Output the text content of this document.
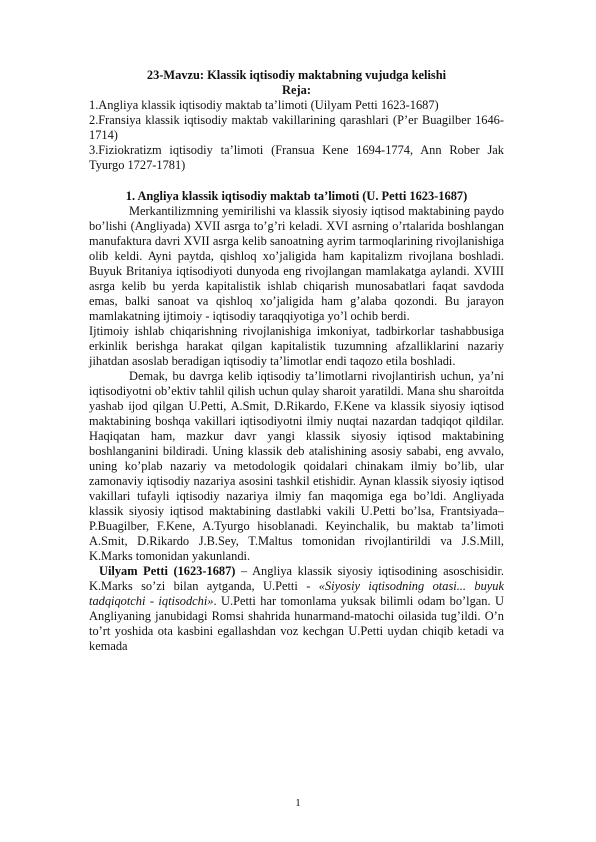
23-Mavzu: Klassik iqtisodiy maktabning vujudga kelishi
Reja:
1.Angliya klassik iqtisodiy maktab ta’limoti (Uilyam Petti 1623-1687)
2.Fransiya klassik iqtisodiy maktab vakillarining qarashlari (P’er Buagilber 1646-1714)
3.Fiziokratizm iqtisodiy ta’limoti (Fransua Kene 1694-1774, Ann Rober Jak Tyurgo 1727-1781)
1. Angliya klassik iqtisodiy maktab ta’limoti (U. Petti 1623-1687)

Merkantilizmning yemirilishi va klassik siyosiy iqtisod maktabining paydo bo’lishi (Angliyada) XVII asrga to’g’ri keladi. XVI asrning o’rtalarida boshlangan manufaktura davri XVII asrga kelib sanoatning ayrim tarmoqlarining rivojlanishiga olib keldi. Ayni paytda, qishloq xo’jaligida ham kapitalizm rivojlana boshladi. Buyuk Britaniya iqtisodiyoti dunyoda eng rivojlangan mamlakatga aylandi. XVIII asrga kelib bu yerda kapitalistik ishlab chiqarish munosabatlari faqat savdoda emas, balki sanoat va qishloq xo’jaligida ham g’alaba qozondi. Bu jarayon mamlakatning ijtimoiy - iqtisodiy taraqqiyotiga yo’l ochib berdi.

Ijtimoiy ishlab chiqarishning rivojlanishiga imkoniyat, tadbirkorlar tashabbusiga erkinlik berishga harakat qilgan kapitalistik tuzumning afzalliklarini nazariy jihatdan asoslab beradigan iqtisodiy ta’limotlar endi taqozo etila boshladi.

Demak, bu davrga kelib iqtisodiy ta’limotlarni rivojlantirish uchun, ya’ni iqtisodiyotni ob’ektiv tahlil qilish uchun qulay sharoit yaratildi. Mana shu sharoitda yashab ijod qilgan U.Petti, A.Smit, D.Rikardo, F.Kene va klassik siyosiy iqtisod maktabining boshqa vakillari iqtisodiyotni ilmiy nuqtai nazardan tadqiqot qildilar. Haqiqatan ham, mazkur davr yangi klassik siyosiy iqtisod maktabining boshlanganini bildiradi. Uning klassik deb atalishining asosiy sababi, eng avvalo, uning ko’plab nazariy va metodologik qoidalari chinakam ilmiy bo’lib, ular zamonaviy iqtisodiy nazariya asosini tashkil etishidir. Aynan klassik siyosiy iqtisod vakillari tufayli iqtisodiy nazariya ilmiy fan maqomiga ega bo’ldi. Angliyada klassik siyosiy iqtisod maktabining dastlabki vakili U.Petti bo’lsa, Frantsiyada–P.Buagilber, F.Kene, A.Tyurgo hisoblanadi. Keyinchalik, bu maktab ta’limoti A.Smit, D.Rikardo J.B.Sey, T.Maltus tomonidan rivojlantirildi va J.S.Mill, K.Marks tomonidan yakunlandi.

Uilyam Petti (1623-1687) – Angliya klassik siyosiy iqtisodining asoschisidir. K.Marks so’zi bilan aytganda, U.Petti - «Siyosiy iqtisodning otasi... buyuk tadqiqotchi - iqtisodchi». U.Petti har tomonlama yuksak bilimli odam bo’lgan. U Angliyaning janubidagi Romsi shahrida hunarmand-matochi oilasida tug’ildi. O’n to’rt yoshida ota kasbini egallashdan voz kechgan U.Petti uydan chiqib ketadi va kemada

1
